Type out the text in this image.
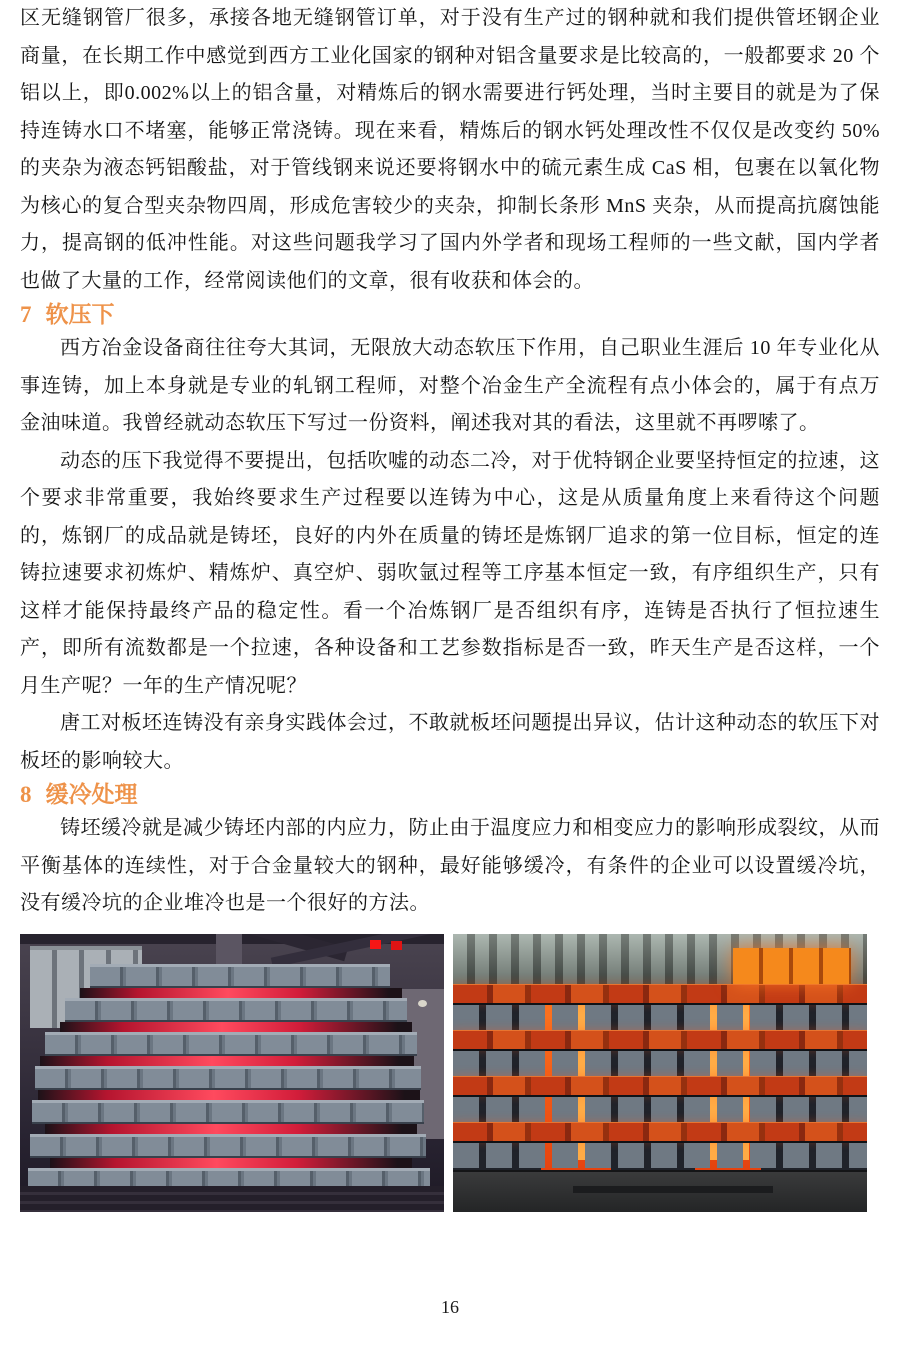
区无缝钢管厂很多，承接各地无缝钢管订单，对于没有生产过的钢种就和我们提供管坯钢企业商量，在长期工作中感觉到西方工业化国家的钢种对铝含量要求是比较高的，一般都要求 20 个铝以上，即0.002%以上的铝含量，对精炼后的钢水需要进行钙处理，当时主要目的就是为了保持连铸水口不堵塞，能够正常浇铸。现在来看，精炼后的钢水钙处理改性不仅仅是改变约 50%的夹杂为液态钙铝酸盐，对于管线钢来说还要将钢水中的硫元素生成 CaS 相，包裹在以氧化物为核心的复合型夹杂物四周，形成危害较少的夹杂，抑制长条形 MnS 夹杂，从而提高抗腐蚀能力，提高钢的低冲性能。对这些问题我学习了国内外学者和现场工程师的一些文献，国内学者也做了大量的工作，经常阅读他们的文章，很有收获和体会的。

7 软压下

西方冶金设备商往往夸大其词，无限放大动态软压下作用，自己职业生涯后 10 年专业化从事连铸，加上本身就是专业的轧钢工程师，对整个冶金生产全流程有点小体会的，属于有点万金油味道。我曾经就动态软压下写过一份资料，阐述我对其的看法，这里就不再啰嗦了。

动态的压下我觉得不要提出，包括吹嘘的动态二冷，对于优特钢企业要坚持恒定的拉速，这个要求非常重要，我始终要求生产过程要以连铸为中心，这是从质量角度上来看待这个问题的，炼钢厂的成品就是铸坯，良好的内外在质量的铸坯是炼钢厂追求的第一位目标，恒定的连铸拉速要求初炼炉、精炼炉、真空炉、弱吹氩过程等工序基本恒定一致，有序组织生产，只有这样才能保持最终产品的稳定性。看一个冶炼钢厂是否组织有序，连铸是否执行了恒拉速生产，即所有流数都是一个拉速，各种设备和工艺参数指标是否一致，昨天生产是否这样，一个月生产呢？一年的生产情况呢？

唐工对板坯连铸没有亲身实践体会过，不敢就板坯问题提出异议，估计这种动态的软压下对板坯的影响较大。

8 缓冷处理

铸坯缓冷就是减少铸坯内部的内应力，防止由于温度应力和相变应力的影响形成裂纹，从而平衡基体的连续性，对于合金量较大的钢种，最好能够缓冷，有条件的企业可以设置缓冷坑，没有缓冷坑的企业堆冷也是一个很好的方法。

16
